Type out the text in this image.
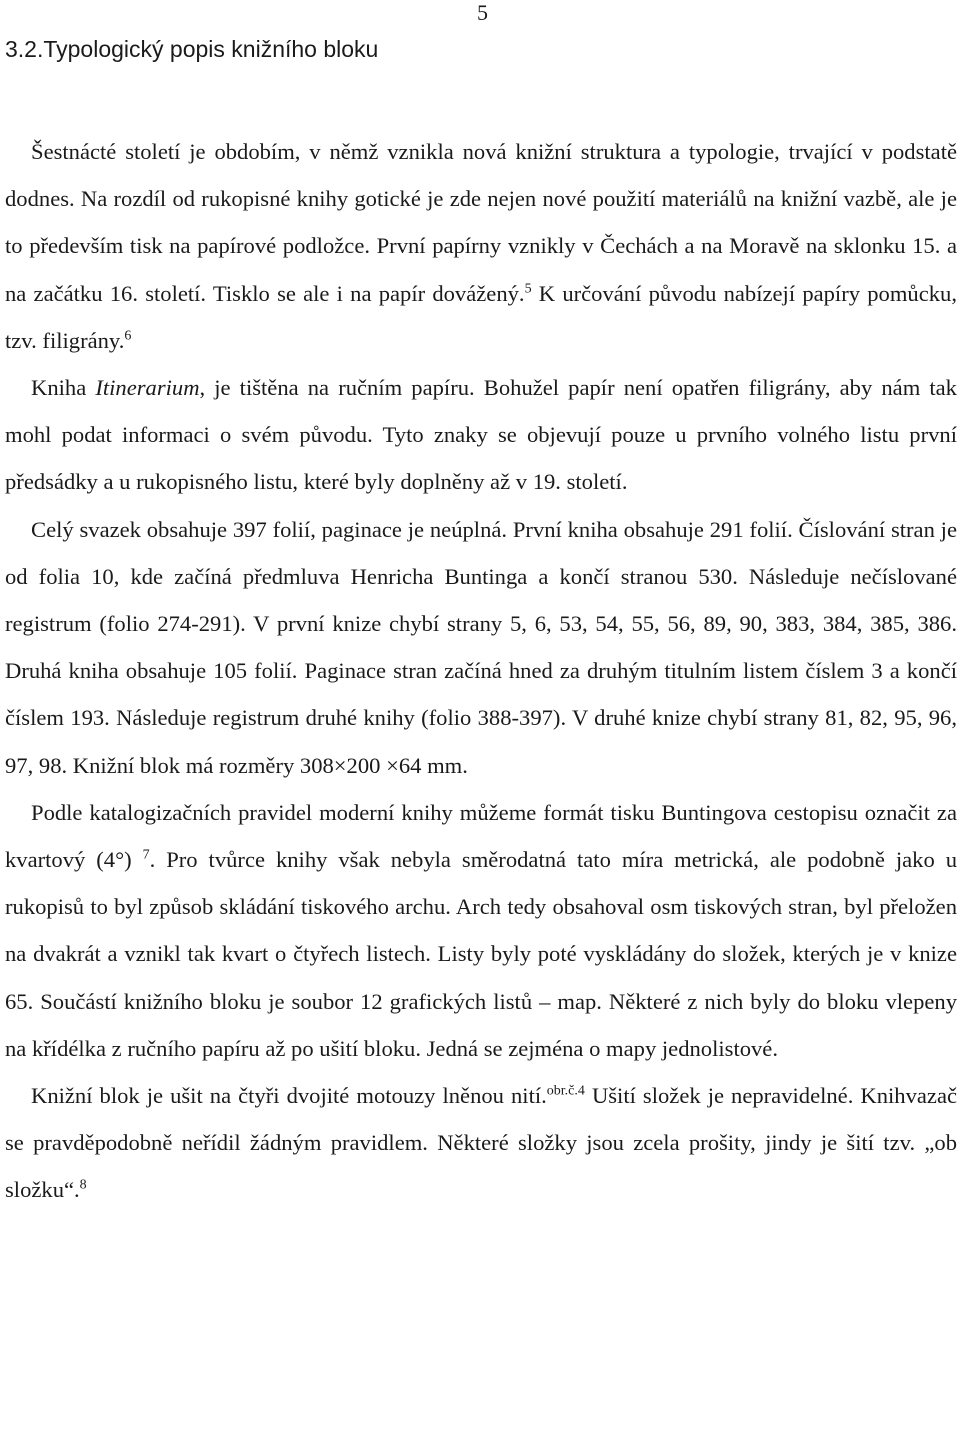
5
3.2.Typologický popis knižního bloku

Šestnácté století je obdobím, v němž vznikla nová knižní struktura a typologie, trvající v podstatě dodnes. Na rozdíl od rukopisné knihy gotické je zde nejen nové použití materiálů na knižní vazbě, ale je to především tisk na papírové podložce. První papírny vznikly v Čechách a na Moravě na sklonku 15. a na začátku 16. století. Tisklo se ale i na papír dovážený.$^5$ K určování původu nabízejí papíry pomůcku, tzv. filigrány.$^6$

Kniha Itinerarium, je tištěna na ručním papíru. Bohužel papír není opatřen filigrány, aby nám tak mohl podat informaci o svém původu. Tyto znaky se objevují pouze u prvního volného listu první předsádky a u rukopisného listu, které byly doplněny až v 19. století.

Celý svazek obsahuje 397 folií, paginace je neúplná. První kniha obsahuje 291 folií. Číslování stran je od folia 10, kde začíná předmluva Henricha Buntinga a končí stranou 530. Následuje nečíslované registrum (folio 274-291). V první knize chybí strany 5, 6, 53, 54, 55, 56, 89, 90, 383, 384, 385, 386. Druhá kniha obsahuje 105 folií. Paginace stran začíná hned za druhým titulním listem číslem 3 a končí číslem 193. Následuje registrum druhé knihy (folio 388-397). V druhé knize chybí strany 81, 82, 95, 96, 97, 98. Knižní blok má rozměry 308×200 ×64 mm.

Podle katalogizačních pravidel moderní knihy můžeme formát tisku Buntingova cestopisu označit za kvartový (4°) $^7$. Pro tvůrce knihy však nebyla směrodatná tato míra metrická, ale podobně jako u rukopisů to byl způsob skládání tiskového archu. Arch tedy obsahoval osm tiskových stran, byl přeložen na dvakrát a vznikl tak kvart o čtyřech listech. Listy byly poté vyskládány do složek, kterých je v knize 65. Součástí knižního bloku je soubor 12 grafických listů – map. Některé z nich byly do bloku vlepeny na křídélka z ručního papíru až po ušití bloku. Jedná se zejména o mapy jednolistové.

Knižní blok je ušit na čtyři dvojité motouzy lněnou nití.$^{obr.č.4}$ Ušití složek je nepravidelné. Knihvazač se pravděpodobně neřídil žádným pravidlem. Některé složky jsou zcela prošity, jindy je šití tzv. „ob složku“.$^8$
